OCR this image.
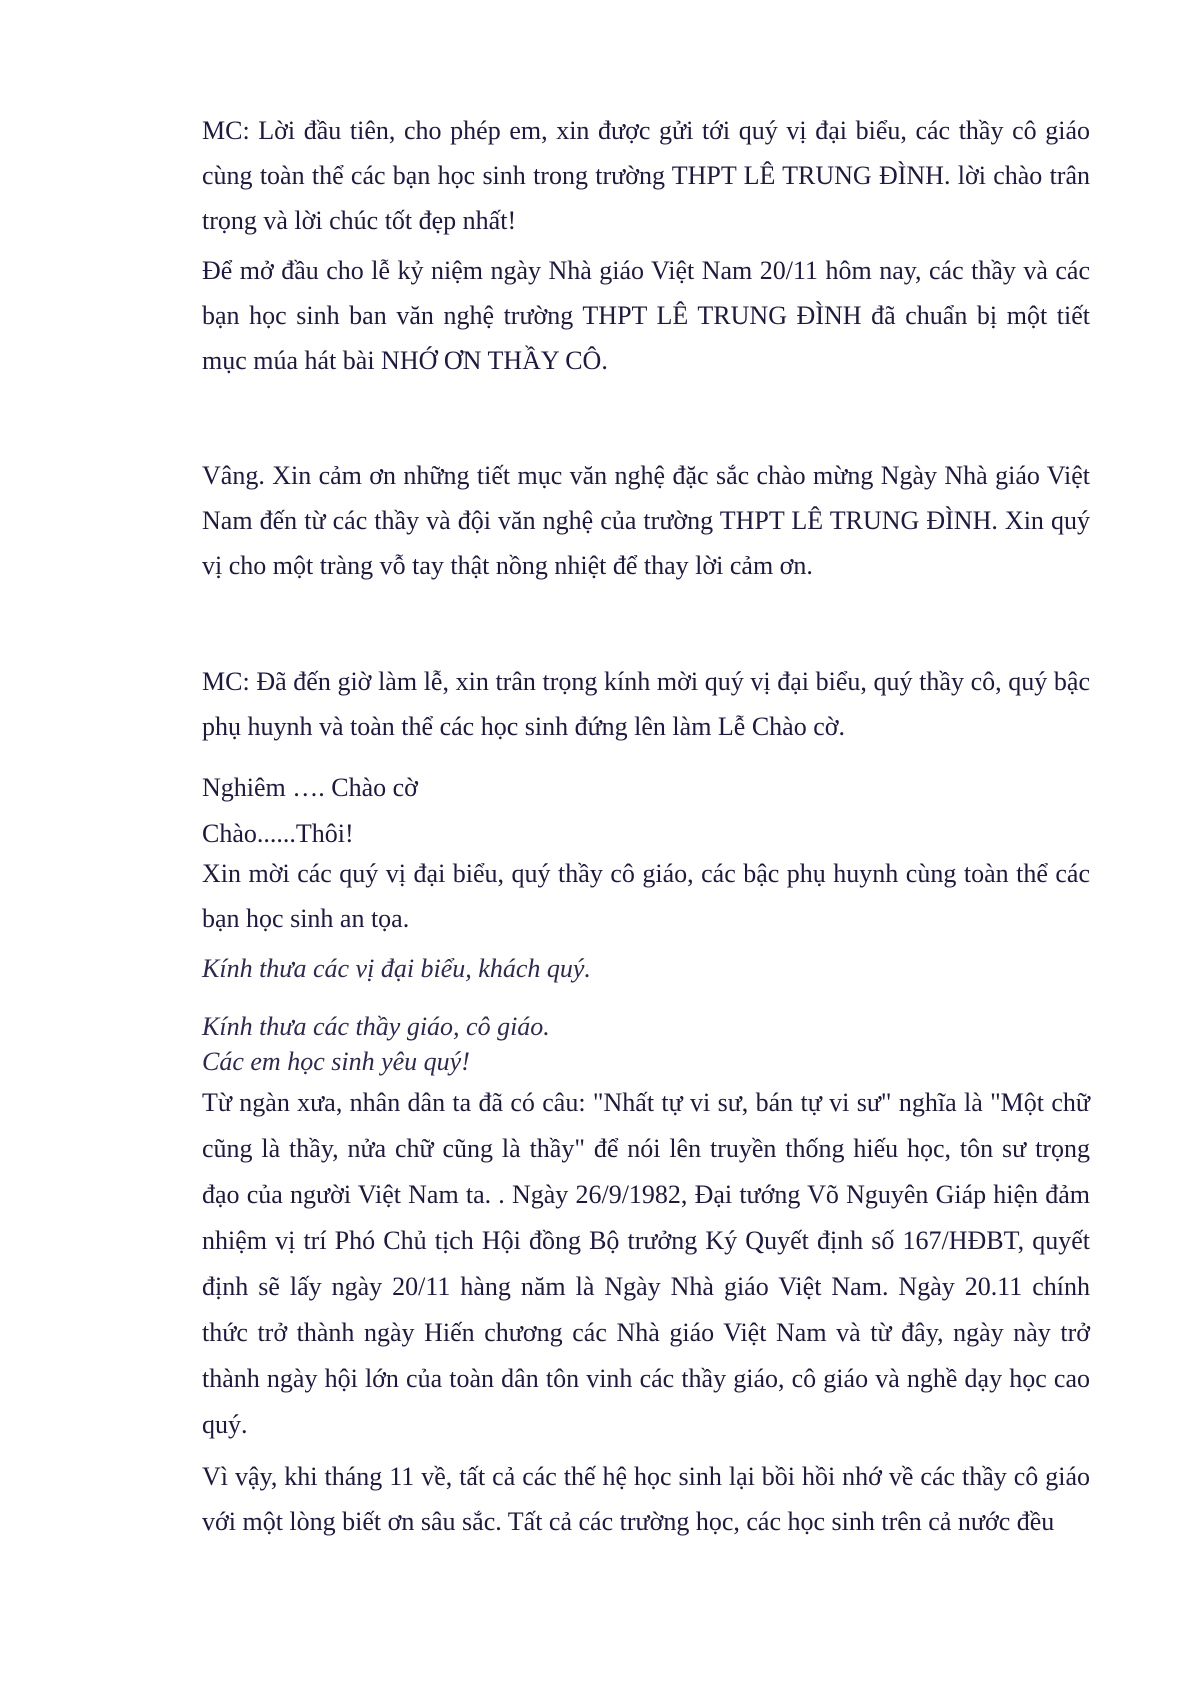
MC: Lời đầu tiên, cho phép em, xin được gửi tới quý vị đại biểu, các thầy cô giáo cùng toàn thể các bạn học sinh trong trường THPT LÊ TRUNG ĐÌNH. lời chào trân trọng và lời chúc tốt đẹp nhất!

Để mở đầu cho lễ kỷ niệm ngày Nhà giáo Việt Nam 20/11 hôm nay, các thầy và các bạn học sinh ban văn nghệ trường THPT LÊ TRUNG ĐÌNH đã chuẩn bị một tiết mục múa hát bài NHỚ ƠN THẦY CÔ.

Vâng. Xin cảm ơn những tiết mục văn nghệ đặc sắc chào mừng Ngày Nhà giáo Việt Nam đến từ các thầy và đội văn nghệ của trường THPT LÊ TRUNG ĐÌNH. Xin quý vị cho một tràng vỗ tay thật nồng nhiệt để thay lời cảm ơn.

MC: Đã đến giờ làm lễ, xin trân trọng kính mời quý vị đại biểu, quý thầy cô, quý bậc phụ huynh và toàn thể các học sinh đứng lên làm Lễ Chào cờ.

Nghiêm …. Chào cờ

Chào......Thôi!

Xin mời các quý vị đại biểu, quý thầy cô giáo, các bậc phụ huynh cùng toàn thể các bạn học sinh an tọa.

Kính thưa các vị đại biểu, khách quý.

Kính thưa các thầy giáo, cô giáo.

Các em học sinh yêu quý!

Từ ngàn xưa, nhân dân ta đã có câu: "Nhất tự vi sư, bán tự vi sư" nghĩa là "Một chữ cũng là thầy, nửa chữ cũng là thầy" để nói lên truyền thống hiếu học, tôn sư trọng đạo của người Việt Nam ta. . Ngày 26/9/1982, Đại tướng Võ Nguyên Giáp hiện đảm nhiệm vị trí Phó Chủ tịch Hội đồng Bộ trưởng Ký Quyết định số 167/HĐBT, quyết định sẽ lấy ngày 20/11 hàng năm là Ngày Nhà giáo Việt Nam. Ngày 20.11 chính thức trở thành ngày Hiến chương các Nhà giáo Việt Nam và từ đây, ngày này trở thành ngày hội lớn của toàn dân tôn vinh các thầy giáo, cô giáo và nghề dạy học cao quý.

Vì vậy, khi tháng 11 về, tất cả các thế hệ học sinh lại bồi hồi nhớ về các thầy cô giáo với một lòng biết ơn sâu sắc. Tất cả các trường học, các học sinh trên cả nước đều
